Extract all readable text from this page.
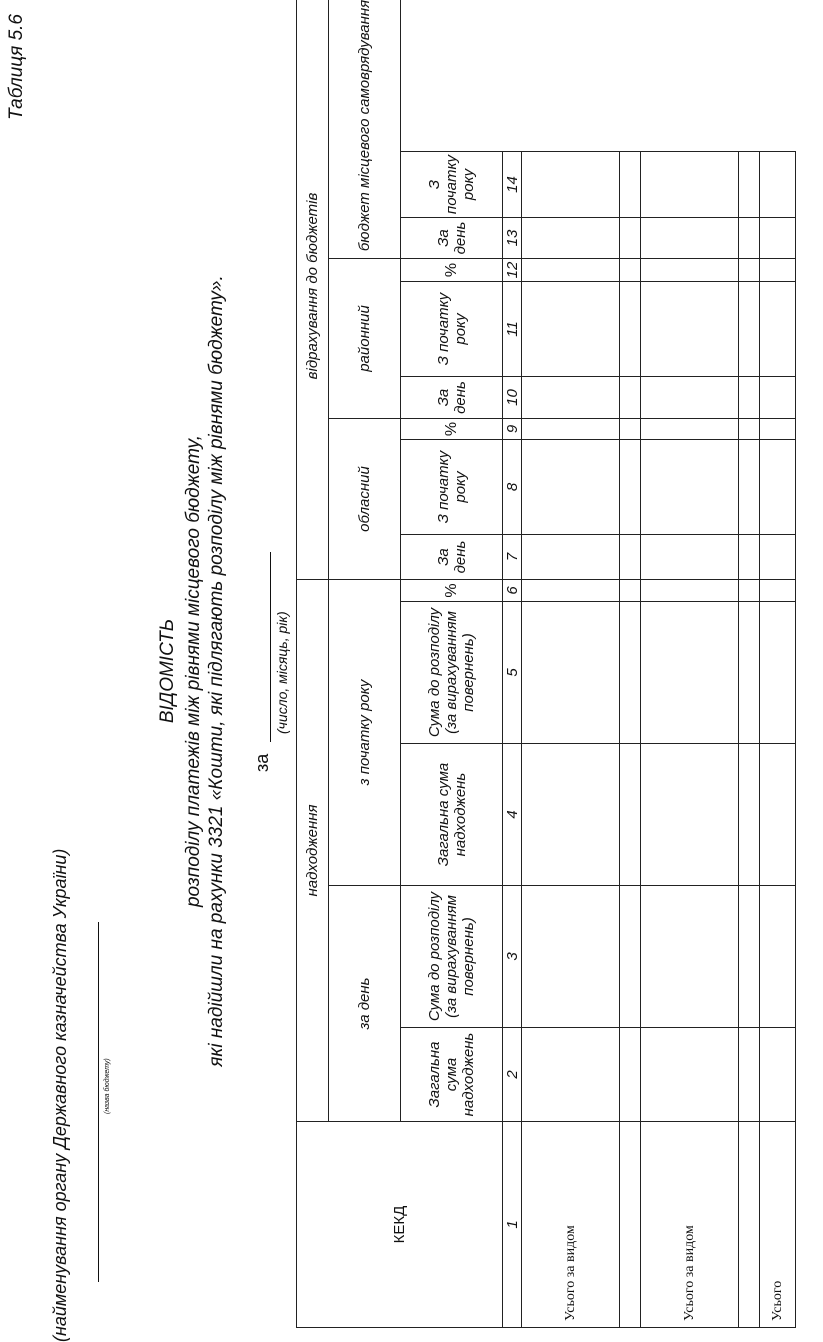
Таблиця 5.6
(найменування органу Державного казначейства України)	(назва бюджету)
ВІДОМІСТЬ розподілу платежів між рівнями місцевого бюджету, які надійшли на рахунки 3321 «Кошти, які підлягають розподілу між рівнями бюджету». за
(число, місяць, рік)
КЕКД	надходження					відрахування до бюджетів							
	за день		з початку року			обласний			районний			бюджет місцевого самоврядування	
	Загальна сума надходжень	Сума до розподілу (за вирахуванням повернень)	Загальна сума надходжень	Сума до розподілу (за вирахуванням повернень)	%	За день	З початку року	%	За день	З початку року	%	За день	З початку року
1	2	3	4	5	6	7	8	9	10	11	12	13	14
Усього за видом													

Усього за видом													

Усього													
